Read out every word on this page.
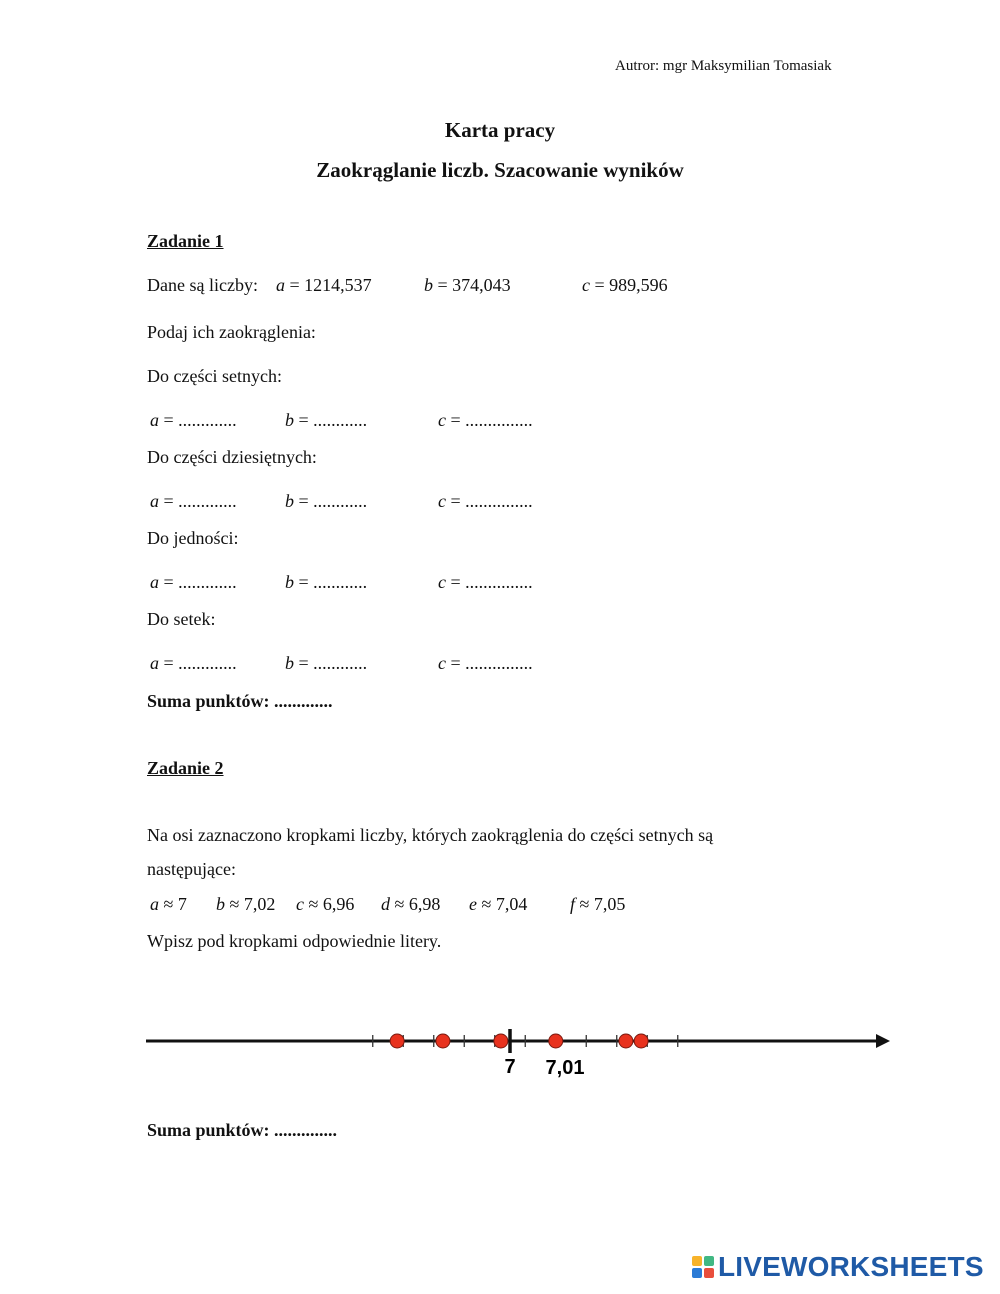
Autror: mgr Maksymilian Tomasiak
Karta pracy
Zaokrąglanie liczb. Szacowanie wyników
Zadanie 1
Dane są liczby: a = 1214,537	b = 374,043	c = 989,596
Podaj ich zaokrąglenia:
Do części setnych:
a = .............	b = ............	c = ...............
Do części dziesiętnych:
a = .............	b = ............	c = ...............
Do jedności:
a = .............	b = ............	c = ...............
Do setek:
a = .............	b = ............	c = ...............
Suma punktów: .............
Zadanie 2
Na osi zaznaczono kropkami liczby, których zaokrąglenia do części setnych są
następujące:
a ≈ 7 b ≈ 7,02 c ≈ 6,96 d ≈ 6,98 e ≈ 7,04 f ≈ 7,05
Wpisz pod kropkami odpowiednie litery.
7 7,01
Suma punktów: ..............
LIVEWORKSHEETS
